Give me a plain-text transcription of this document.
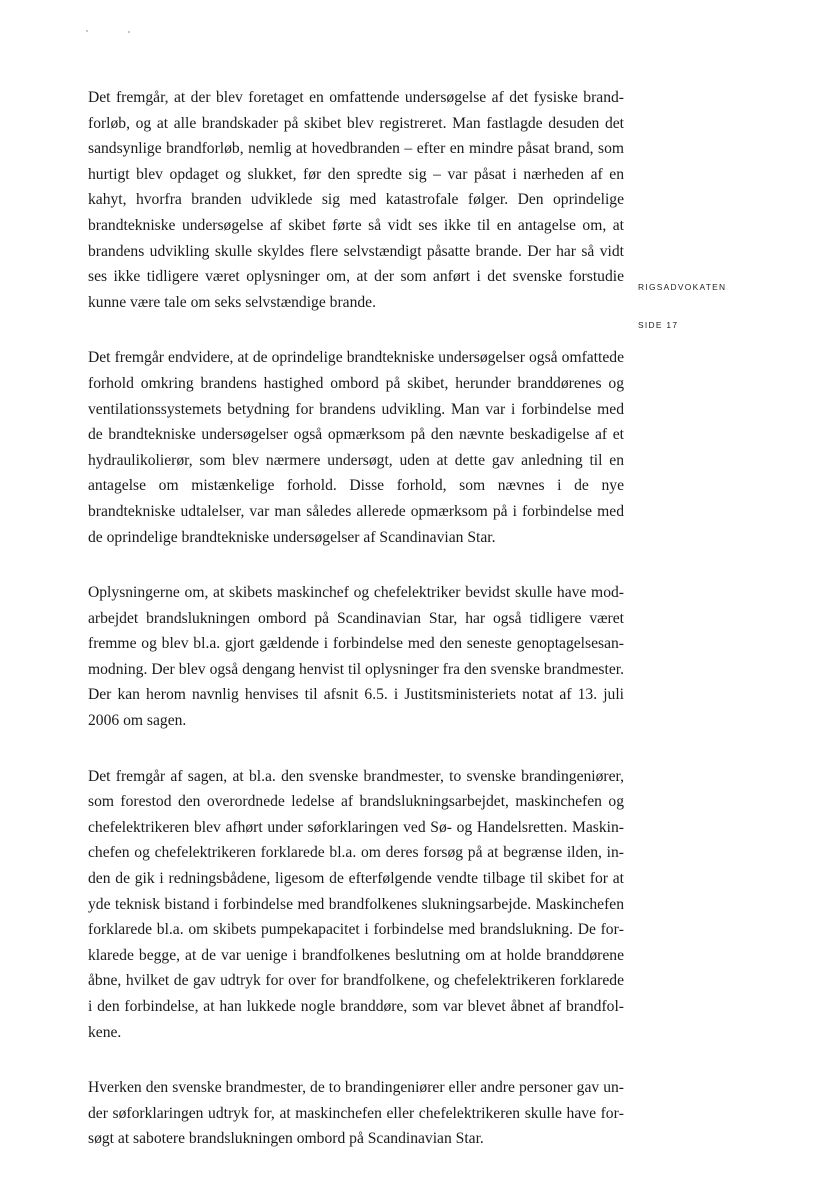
Det fremgår, at der blev foretaget en omfattende undersøgelse af det fysiske brandforløb, og at alle brandskader på skibet blev registreret. Man fastlagde desuden det sandsynlige brandforløb, nemlig at hovedbranden – efter en mindre påsat brand, som hurtigt blev opdaget og slukket, før den spredte sig – var påsat i nærheden af en kahyt, hvorfra branden udviklede sig med katastrofale følger. Den oprindelige brandtekniske undersøgelse af skibet førte så vidt ses ikke til en antagelse om, at brandens udvikling skulle skyldes flere selvstændigt påsatte brande. Der har så vidt ses ikke tidligere været oplysninger om, at der som anført i det svenske forstudie kunne være tale om seks selvstændige brande.

Det fremgår endvidere, at de oprindelige brandtekniske undersøgelser også omfattede forhold omkring brandens hastighed ombord på skibet, herunder branddørenes og ventilationssystemets betydning for brandens udvikling. Man var i forbindelse med de brandtekniske undersøgelser også opmærksom på den nævnte beskadigelse af et hydraulikolierør, som blev nærmere undersøgt, uden at dette gav anledning til en antagelse om mistænkelige forhold. Disse forhold, som nævnes i de nye brandtekniske udtalelser, var man således allerede opmærksom på i forbindelse med de oprindelige brandtekniske undersøgelser af Scandinavian Star.

Oplysningerne om, at skibets maskinchef og chefelektriker bevidst skulle have modarbejdet brandslukningen ombord på Scandinavian Star, har også tidligere været fremme og blev bl.a. gjort gældende i forbindelse med den seneste genoptagelsesanmodning. Der blev også dengang henvist til oplysninger fra den svenske brandmester. Der kan herom navnlig henvises til afsnit 6.5. i Justitsministeriets notat af 13. juli 2006 om sagen.

Det fremgår af sagen, at bl.a. den svenske brandmester, to svenske brandingeniører, som forestod den overordnede ledelse af brandslukningsarbejdet, maskinchefen og chefelektrikeren blev afhørt under søforklaringen ved Sø- og Handelsretten. Maskinchefen og chefelektrikeren forklarede bl.a. om deres forsøg på at begrænse ilden, inden de gik i redningsbådene, ligesom de efterfølgende vendte tilbage til skibet for at yde teknisk bistand i forbindelse med brandfolkenes slukningsarbejde. Maskinchefen forklarede bl.a. om skibets pumpekapacitet i forbindelse med brandslukning. De forklarede begge, at de var uenige i brandfolkenes beslutning om at holde branddørene åbne, hvilket de gav udtryk for over for brandfolkene, og chefelektrikeren forklarede i den forbindelse, at han lukkede nogle branddøre, som var blevet åbnet af brandfolkene.

Hverken den svenske brandmester, de to brandingeniører eller andre personer gav under søforklaringen udtryk for, at maskinchefen eller chefelektrikeren skulle have forsøgt at sabotere brandslukningen ombord på Scandinavian Star.

RIGSADVOKATEN
SIDE 17
